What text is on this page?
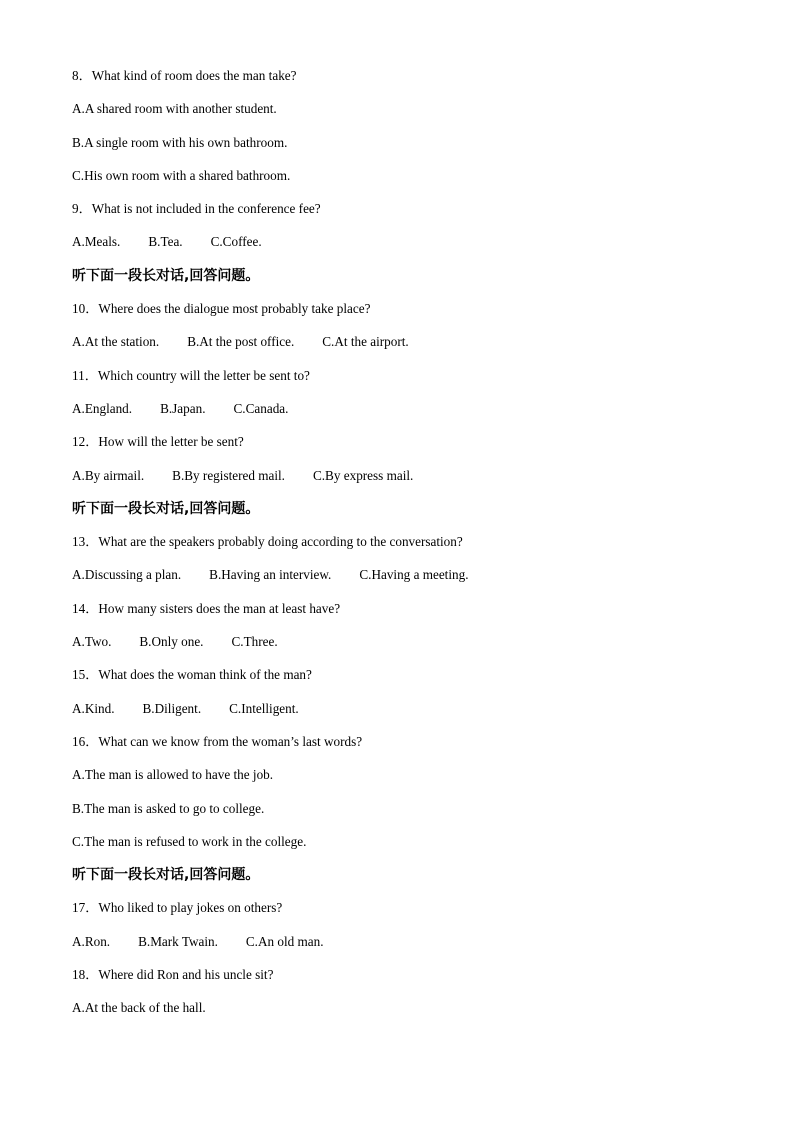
8．What kind of room does the man take?
A.A shared room with another student.
B.A single room with his own bathroom.
C.His own room with a shared bathroom.
9．What is not included in the conference fee?
A.Meals. B.Tea. C.Coffee.
听下面一段长对话,回答问题。
10．Where does the dialogue most probably take place?
A.At the station. B.At the post office. C.At the airport.
11．Which country will the letter be sent to?
A.England. B.Japan. C.Canada.
12．How will the letter be sent?
A.By airmail. B.By registered mail. C.By express mail.
听下面一段长对话,回答问题。
13．What are the speakers probably doing according to the conversation?
A.Discussing a plan. B.Having an interview. C.Having a meeting.
14．How many sisters does the man at least have?
A.Two. B.Only one. C.Three.
15．What does the woman think of the man?
A.Kind. B.Diligent. C.Intelligent.
16．What can we know from the woman’s last words?
A.The man is allowed to have the job.
B.The man is asked to go to college.
C.The man is refused to work in the college.
听下面一段长对话,回答问题。
17．Who liked to play jokes on others?
A.Ron. B.Mark Twain. C.An old man.
18．Where did Ron and his uncle sit?
A.At the back of the hall.
